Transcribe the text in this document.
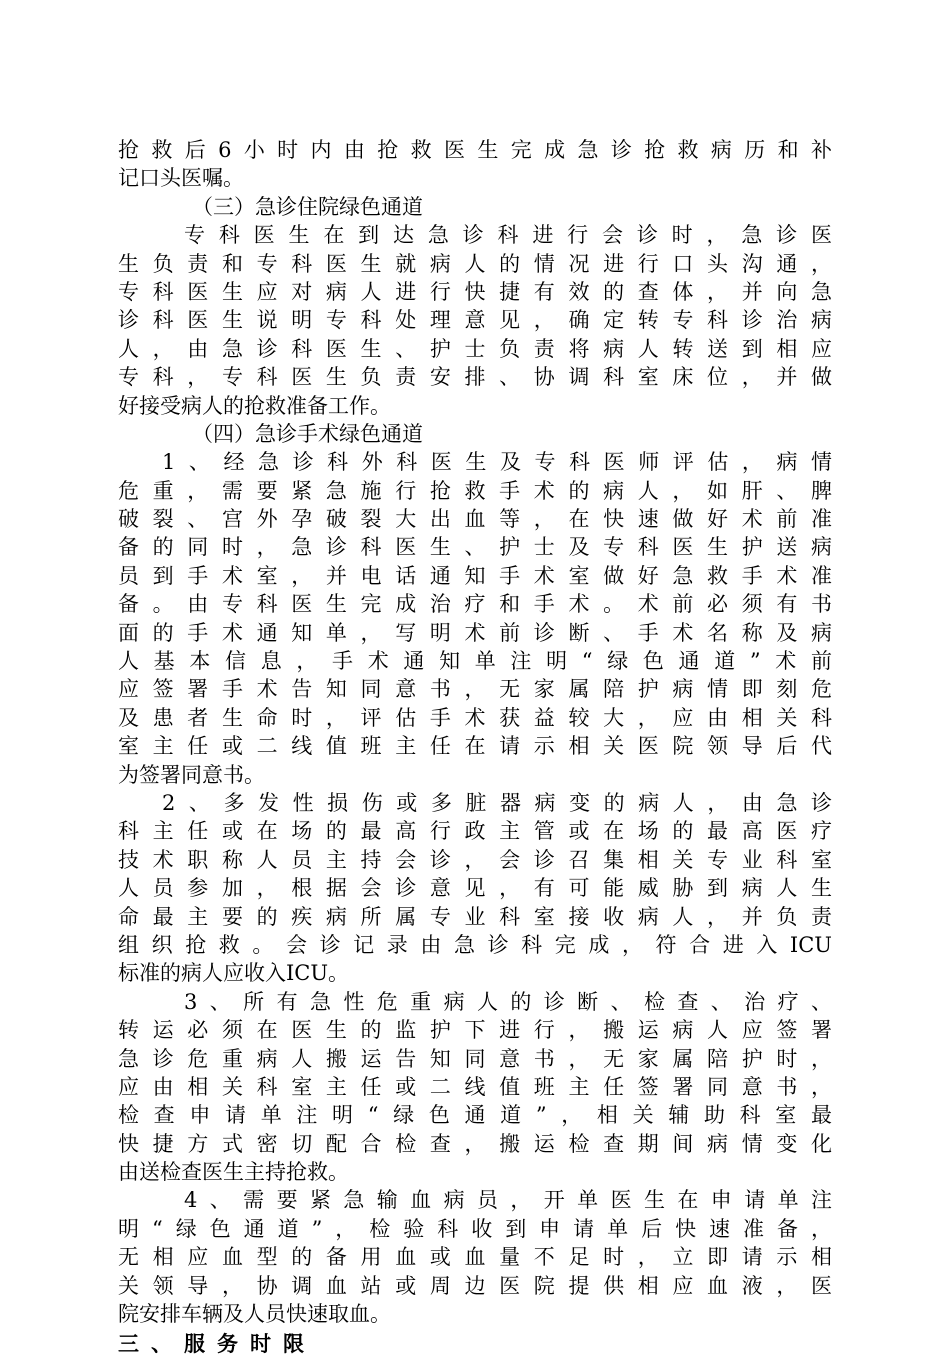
抢救后6小时内由抢救医生完成急诊抢救病历和补
记口头医嘱。
（三）急诊住院绿色通道
专科医生在到达急诊科进行会诊时，急诊医
生负责和专科医生就病人的情况进行口头沟通，
专科医生应对病人进行快捷有效的查体，并向急
诊科医生说明专科处理意见，确定转专科诊治病
人，由急诊科医生、护士负责将病人转送到相应
专科，专科医生负责安排、协调科室床位，并做
好接受病人的抢救准备工作。
（四）急诊手术绿色通道
1、经急诊科外科医生及专科医师评估，病情
危重，需要紧急施行抢救手术的病人，如肝、脾
破裂、宫外孕破裂大出血等，在快速做好术前准
备的同时，急诊科医生、护士及专科医生护送病
员到手术室，并电话通知手术室做好急救手术准
备。由专科医生完成治疗和手术。术前必须有书
面的手术通知单，写明术前诊断、手术名称及病
人基本信息，手术通知单注明“绿色通道”术前
应签署手术告知同意书，无家属陪护病情即刻危
及患者生命时，评估手术获益较大，应由相关科
室主任或二线值班主任在请示相关医院领导后代
为签署同意书。
2、多发性损伤或多脏器病变的病人，由急诊
科主任或在场的最高行政主管或在场的最高医疗
技术职称人员主持会诊，会诊召集相关专业科室
人员参加，根据会诊意见，有可能威胁到病人生
命最主要的疾病所属专业科室接收病人，并负责
组织抢救。会诊记录由急诊科完成，符合进入ICU
标准的病人应收入ICU。
3、所有急性危重病人的诊断、检查、治疗、
转运必须在医生的监护下进行，搬运病人应签署
急诊危重病人搬运告知同意书，无家属陪护时，
应由相关科室主任或二线值班主任签署同意书，
检查申请单注明“绿色通道”，相关辅助科室最
快捷方式密切配合检查，搬运检查期间病情变化
由送检查医生主持抢救。
4、需要紧急输血病员，开单医生在申请单注
明“绿色通道”，检验科收到申请单后快速准备，
无相应血型的备用血或血量不足时，立即请示相
关领导，协调血站或周边医院提供相应血液，医
院安排车辆及人员快速取血。
三、服务时限
